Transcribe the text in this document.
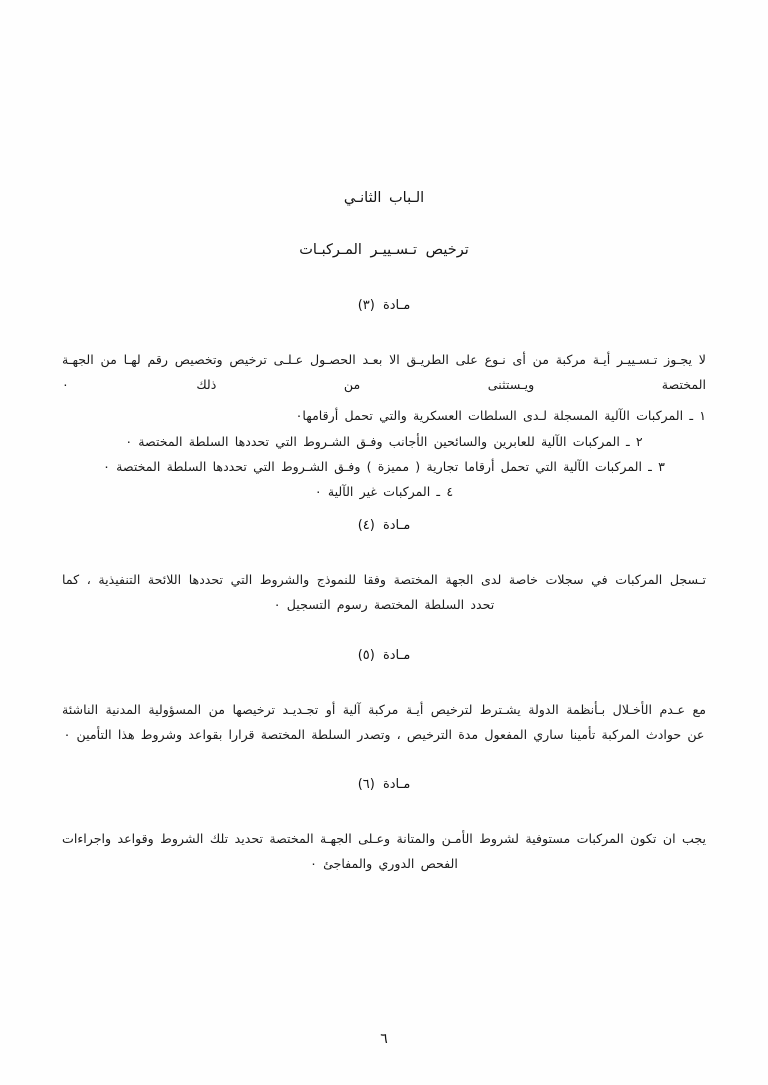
الـباب الثانـي
ترخيص تـسـييـر المـركبـات
مـادة (٣)

لا يجـوز تـسـييـر أيـة مركبة من أى نـوع على الطريـق الا بعـد الحصـول عـلـى ترخيص وتخصيص رقم لهـا من الجهـة المختصة ويـستثنى من ذلك ٠

١ ـ المركبات الآلية المسجلة لـدى السلطات العسكرية والتي تحمل أرقامها٠
٢ ـ المركبات الآلية للعابرين والسائحين الأجانب وفـق الشـروط التي تحددها السلطة المختصة ٠
٣ ـ المركبات الآلية التي تحمل أرقاما تجارية ( مميزة ) وفـق الشـروط التي تحددها السلطة المختصة ٠
٤ ـ المركبات غير الآلية ٠
مـادة (٤)

تـسجل المركبات في سجلات خاصة لدى الجهة المختصة وفقا للنموذج والشروط التي تحددها اللائحة التنفيذية ، كما تحدد السلطة المختصة رسوم التسجيل ٠

مـادة (٥)

مع عـدم الأخـلال بـأنظمة الدولة يشـترط لترخيص أيـة مركبة آلية أو تجـديـد ترخيصها من المسؤولية المدنية الناشئة عن حوادث المركبة تأمينا ساري المفعول مدة الترخيص ، وتصدر السلطة المختصة قرارا بقواعد وشروط هذا التأمين ٠

مـادة (٦)

يجب ان تكون المركبات مستوفية لشروط الأمـن والمتانة وعـلى الجهـة المختصة تحديد تلك الشروط وقواعد واجراءات الفحص الدوري والمفاجئ ٠

٦
